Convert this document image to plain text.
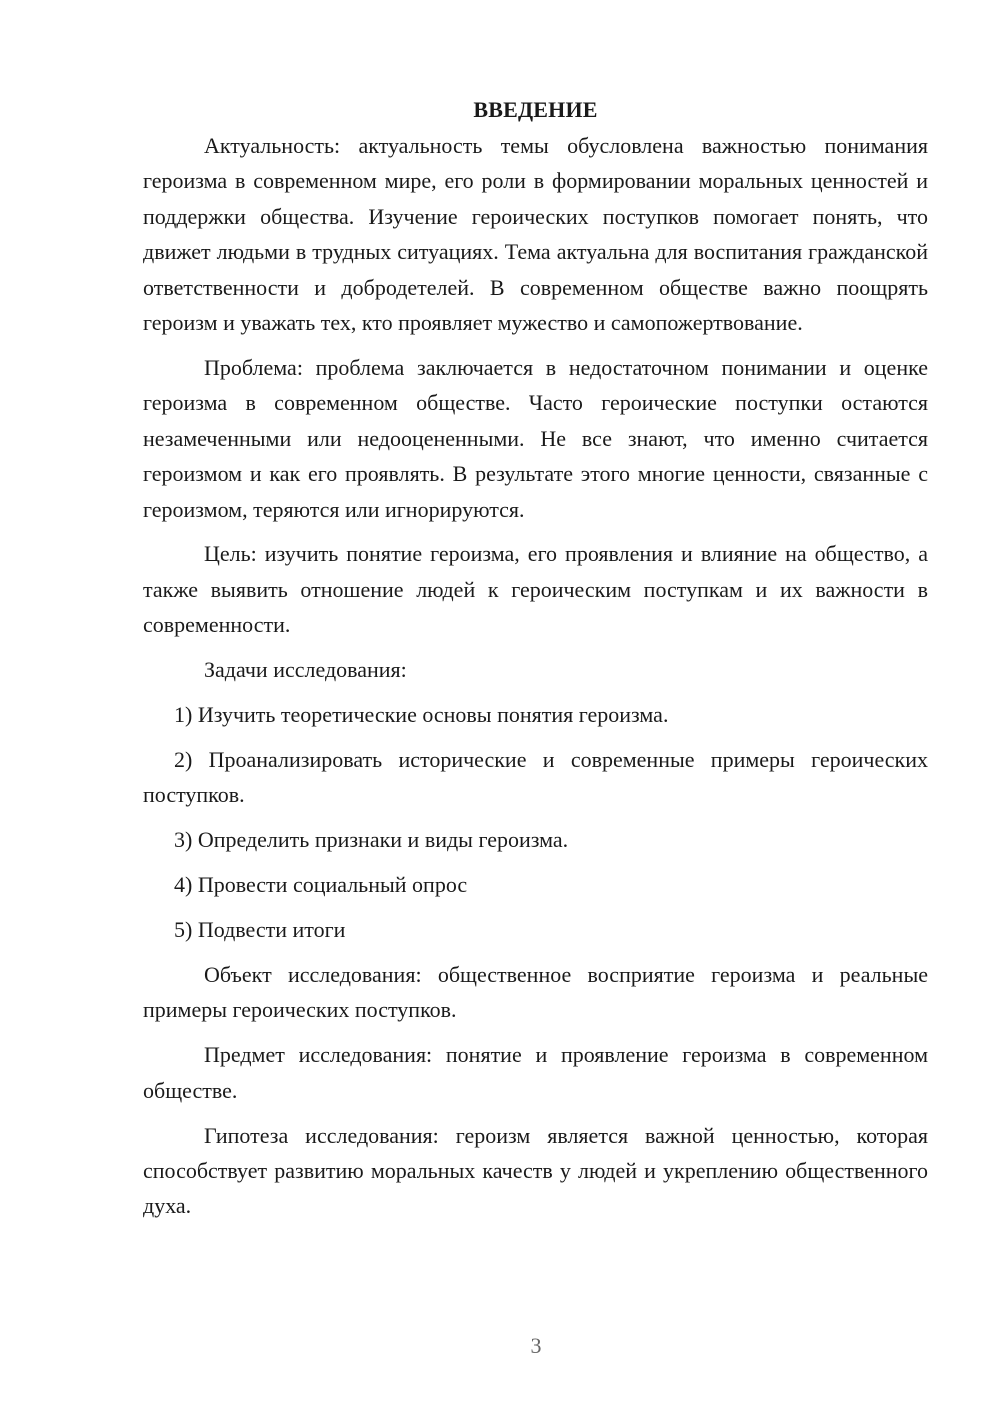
ВВЕДЕНИЕ

Актуальность: актуальность темы обусловлена важностью понимания героизма в современном мире, его роли в формировании моральных ценностей и поддержки общества. Изучение героических поступков помогает понять, что движет людьми в трудных ситуациях. Тема актуальна для воспитания гражданской ответственности и добродетелей. В современном обществе важно поощрять героизм и уважать тех, кто проявляет мужество и самопожертвование.

Проблема: проблема заключается в недостаточном понимании и оценке героизма в современном обществе. Часто героические поступки остаются незамеченными или недооцененными. Не все знают, что именно считается героизмом и как его проявлять. В результате этого многие ценности, связанные с героизмом, теряются или игнорируются.

Цель: изучить понятие героизма, его проявления и влияние на общество, а также выявить отношение людей к героическим поступкам и их важности в современности.

Задачи исследования:

1) Изучить теоретические основы понятия героизма.

2) Проанализировать исторические и современные примеры героических поступков.

3) Определить признаки и виды героизма.

4) Провести социальный опрос

5) Подвести итоги

Объект исследования: общественное восприятие героизма и реальные примеры героических поступков.

Предмет исследования: понятие и проявление героизма в современном обществе.

Гипотеза исследования: героизм является важной ценностью, которая способствует развитию моральных качеств у людей и укреплению общественного духа.

3
